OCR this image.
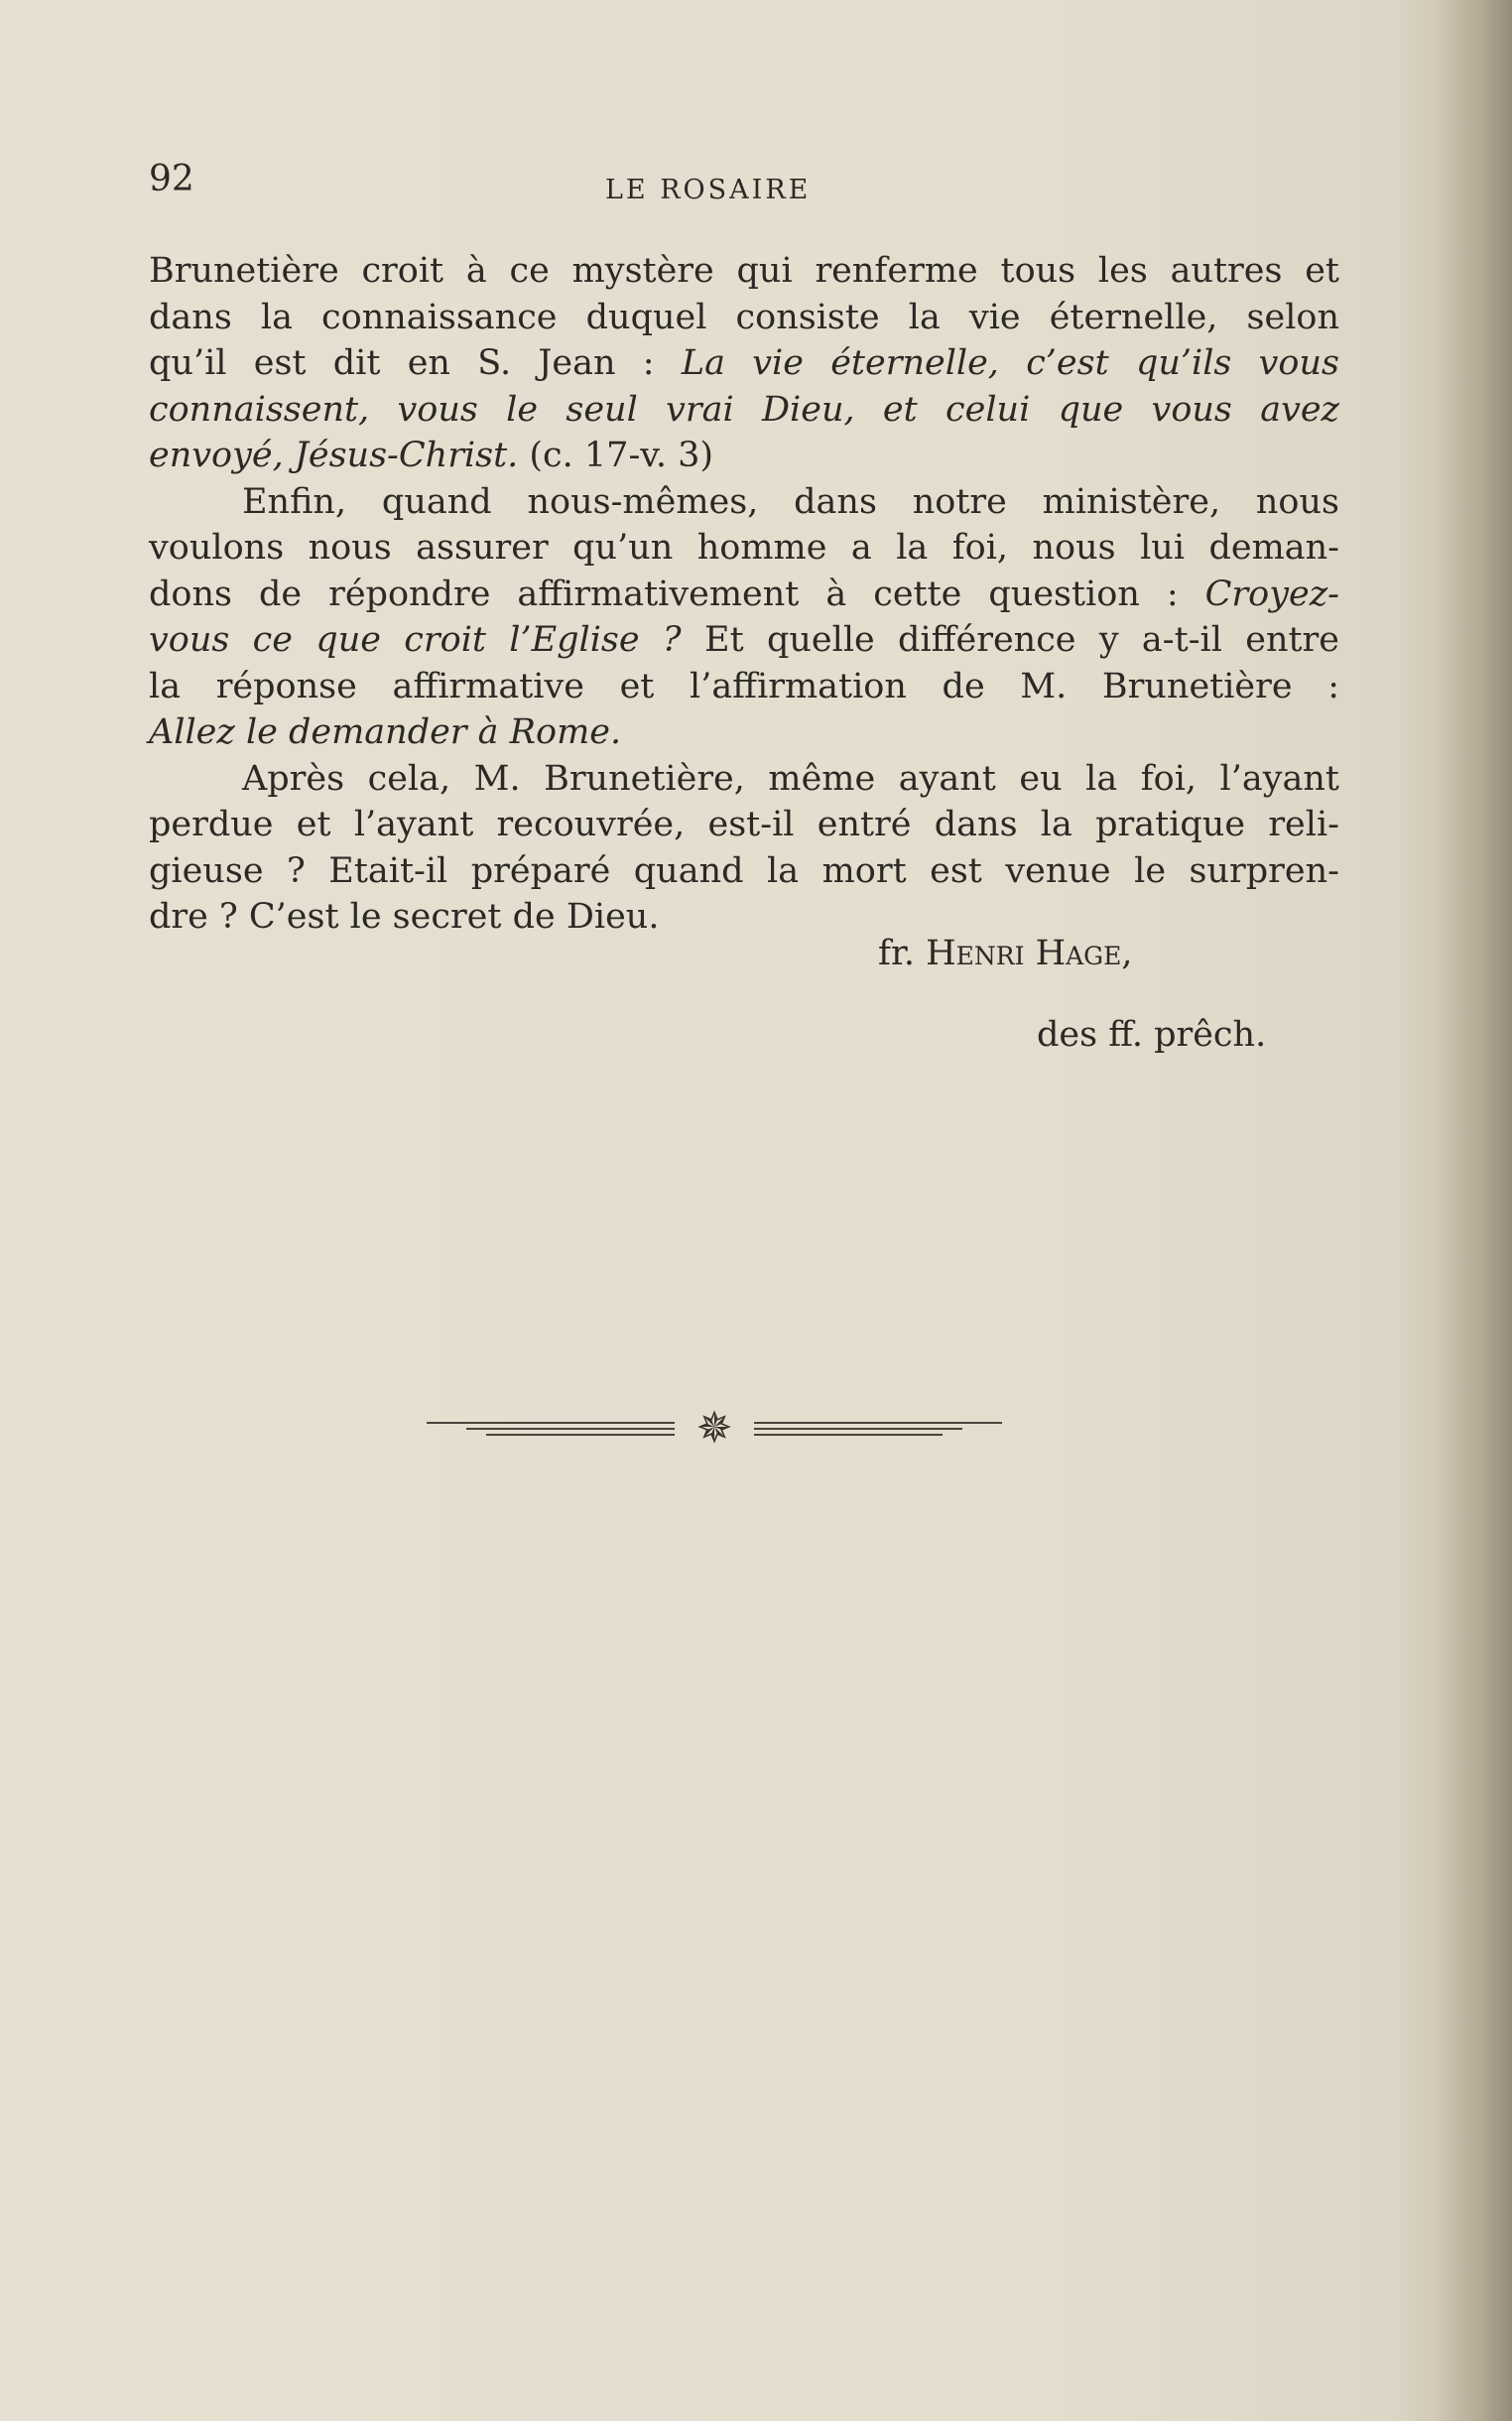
92	LE ROSAIRE
Brunetière croit à ce mystère qui renferme tous les autres et
dans la connaissance duquel consiste la vie éternelle, selon
qu’il est dit en S. Jean : La vie éternelle, c’est qu’ils vous
connaissent, vous le seul vrai Dieu, et celui que vous avez
envoyé, Jésus-Christ. (c. 17-v. 3)
Enfin, quand nous-mêmes, dans notre ministère, nous
voulons nous assurer qu’un homme a la foi, nous lui deman-
dons de répondre affirmativement à cette question : Croyez-
vous ce que croit l’Eglise ? Et quelle différence y a-t-il entre
la réponse affirmative et l’affirmation de M. Brunetière :
Allez le demander à Rome.
Après cela, M. Brunetière, même ayant eu la foi, l’ayant
perdue et l’ayant recouvrée, est-il entré dans la pratique reli-
gieuse ? Etait-il préparé quand la mort est venue le surpren-
dre ? C’est le secret de Dieu.
fr. Henri Hage,
des ff. prêch.
✵
